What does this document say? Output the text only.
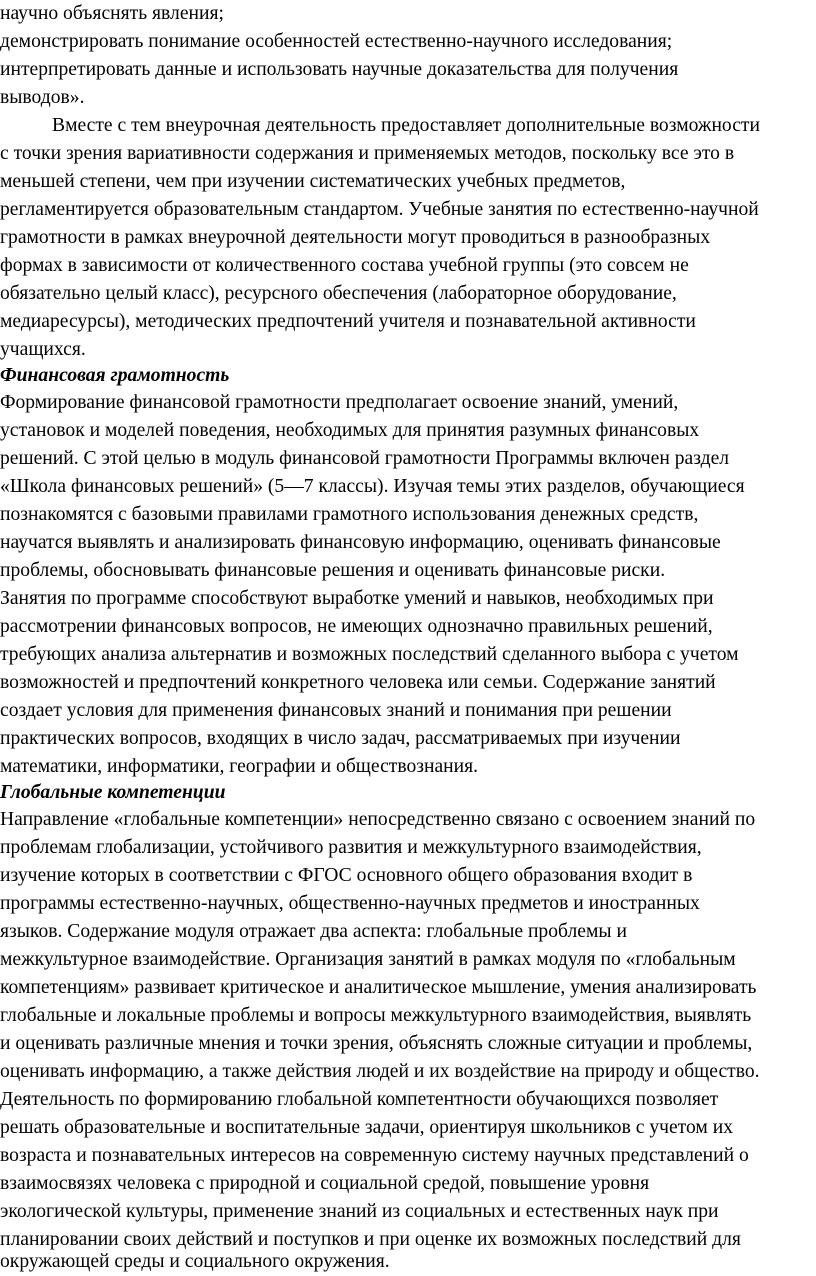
научно объяснять явления;
демонстрировать понимание особенностей естественно-научного исследования;
интерпретировать данные и использовать научные доказательства для получения
выводов».
Вместе с тем внеурочная деятельность предоставляет дополнительные возможности
с точки зрения вариативности содержания и применяемых методов, поскольку все это в
меньшей степени, чем при изучении систематических учебных предметов,
регламентируется образовательным стандартом. Учебные занятия по естественно-научной
грамотности в рамках внеурочной деятельности могут проводиться в разнообразных
формах в зависимости от количественного состава учебной группы (это совсем не
обязательно целый класс), ресурсного обеспечения (лабораторное оборудование,
медиаресурсы), методических предпочтений учителя и познавательной активности
учащихся.
Финансовая грамотность
Формирование финансовой грамотности предполагает освоение знаний, умений,
установок и моделей поведения, необходимых для принятия разумных финансовых
решений. С этой целью в модуль финансовой грамотности Программы включен раздел
«Школа финансовых решений» (5—7 классы). Изучая темы этих разделов, обучающиеся
познакомятся с базовыми правилами грамотного использования денежных средств,
научатся выявлять и анализировать финансовую информацию, оценивать финансовые
проблемы, обосновывать финансовые решения и оценивать финансовые риски.
Занятия по программе способствуют выработке умений и навыков, необходимых при
рассмотрении финансовых вопросов, не имеющих однозначно правильных решений,
требующих анализа альтернатив и возможных последствий сделанного выбора с учетом
возможностей и предпочтений конкретного человека или семьи. Содержание занятий
создает условия для применения финансовых знаний и понимания при решении
практических вопросов, входящих в число задач, рассматриваемых при изучении
математики, информатики, географии и обществознания.
Глобальные компетенции
Направление «глобальные компетенции» непосредственно связано с освоением знаний по
проблемам глобализации, устойчивого развития и межкультурного взаимодействия,
изучение которых в соответствии с ФГОС основного общего образования входит в
программы естественно-научных, общественно-научных предметов и иностранных
языков. Содержание модуля отражает два аспекта: глобальные проблемы и
межкультурное взаимодействие. Организация занятий в рамках модуля по «глобальным
компетенциям» развивает критическое и аналитическое мышление, умения анализировать
глобальные и локальные проблемы и вопросы межкультурного взаимодействия, выявлять
и оценивать различные мнения и точки зрения, объяснять сложные ситуации и проблемы,
оценивать информацию, а также действия людей и их воздействие на природу и общество.
Деятельность по формированию глобальной компетентности обучающихся позволяет
решать образовательные и воспитательные задачи, ориентируя школьников с учетом их
возраста и познавательных интересов на современную систему научных представлений о
взаимосвязях человека с природной и социальной средой, повышение уровня
экологической культуры, применение знаний из социальных и естественных наук при
планировании своих действий и поступков и при оценке их возможных последствий для
окружающей среды и социального окружения.
